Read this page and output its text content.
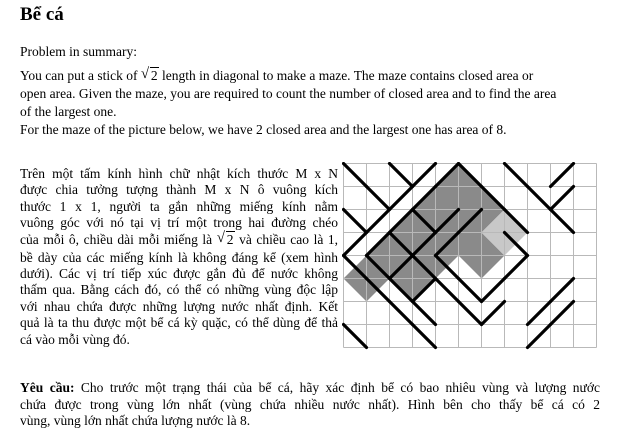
Bể cá

Problem in summary:

You can put a stick of √ 2 length in diagonal to make a maze. The maze contains closed area or

open area. Given the maze, you are required to count the number of closed area and to find the area

of the largest one.

For the maze of the picture below, we have 2 closed area and the largest one has area of 8.

Trên một tấm kính hình chữ nhật kích thước M x N
được chia tưởng tượng thành M x N ô vuông kích
thước 1 x 1, người ta gắn những miếng kính nằm
vuông góc với nó tại vị trí một trong hai đường chéo
của mỗi ô, chiều dài mỗi miếng là √ 2 và chiều cao là 1,
bề dày của các miếng kính là không đáng kể (xem hình
dưới). Các vị trí tiếp xúc được gắn đủ để nước không
thấm qua. Bằng cách đó, có thể có những vùng độc lập
với nhau chứa được những lượng nước nhất định. Kết
quả là ta thu được một bể cá kỳ quặc, có thể dùng để thả
cá vào mỗi vùng đó.
Yêu cầu: Cho trước một trạng thái của bể cá, hãy xác định bể có bao nhiêu vùng và lượng nước
chứa được trong vùng lớn nhất (vùng chứa nhiều nước nhất). Hình bên cho thấy bể cá có 2
vùng, vùng lớn nhất chứa lượng nước là 8.
